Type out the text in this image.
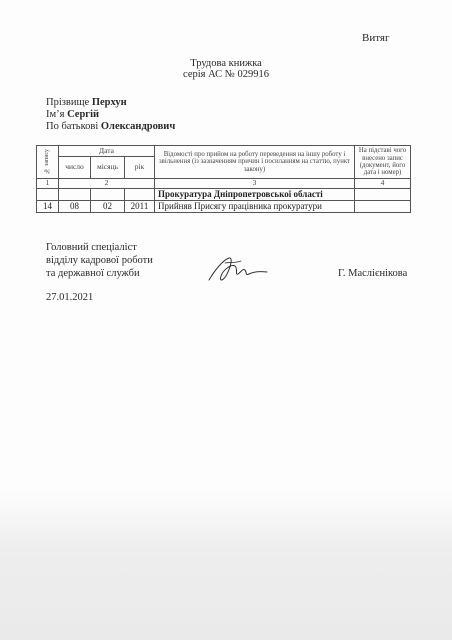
Витяг
Трудова книжка
серія АС № 029916
Прізвище Перхун
Ім’я Сергій
По батькові Олександрович
№ запису	Дата			Відомості про прийом на роботу переведення на іншу роботу і звільнення (із зазначенням причин і посиланням на статтю, пункт закону)	На підставі чого внесено запис (документ, його дата і номер)
	число	місяць	рік		
1	2			3	4
				Прокуратура Дніпропетровської області	
14	08	02	2011	Прийняв Присягу працівника прокуратури	
Головний спеціаліст
відділу кадрової роботи
та державної служби	Г. Маслієнікова
27.01.2021
